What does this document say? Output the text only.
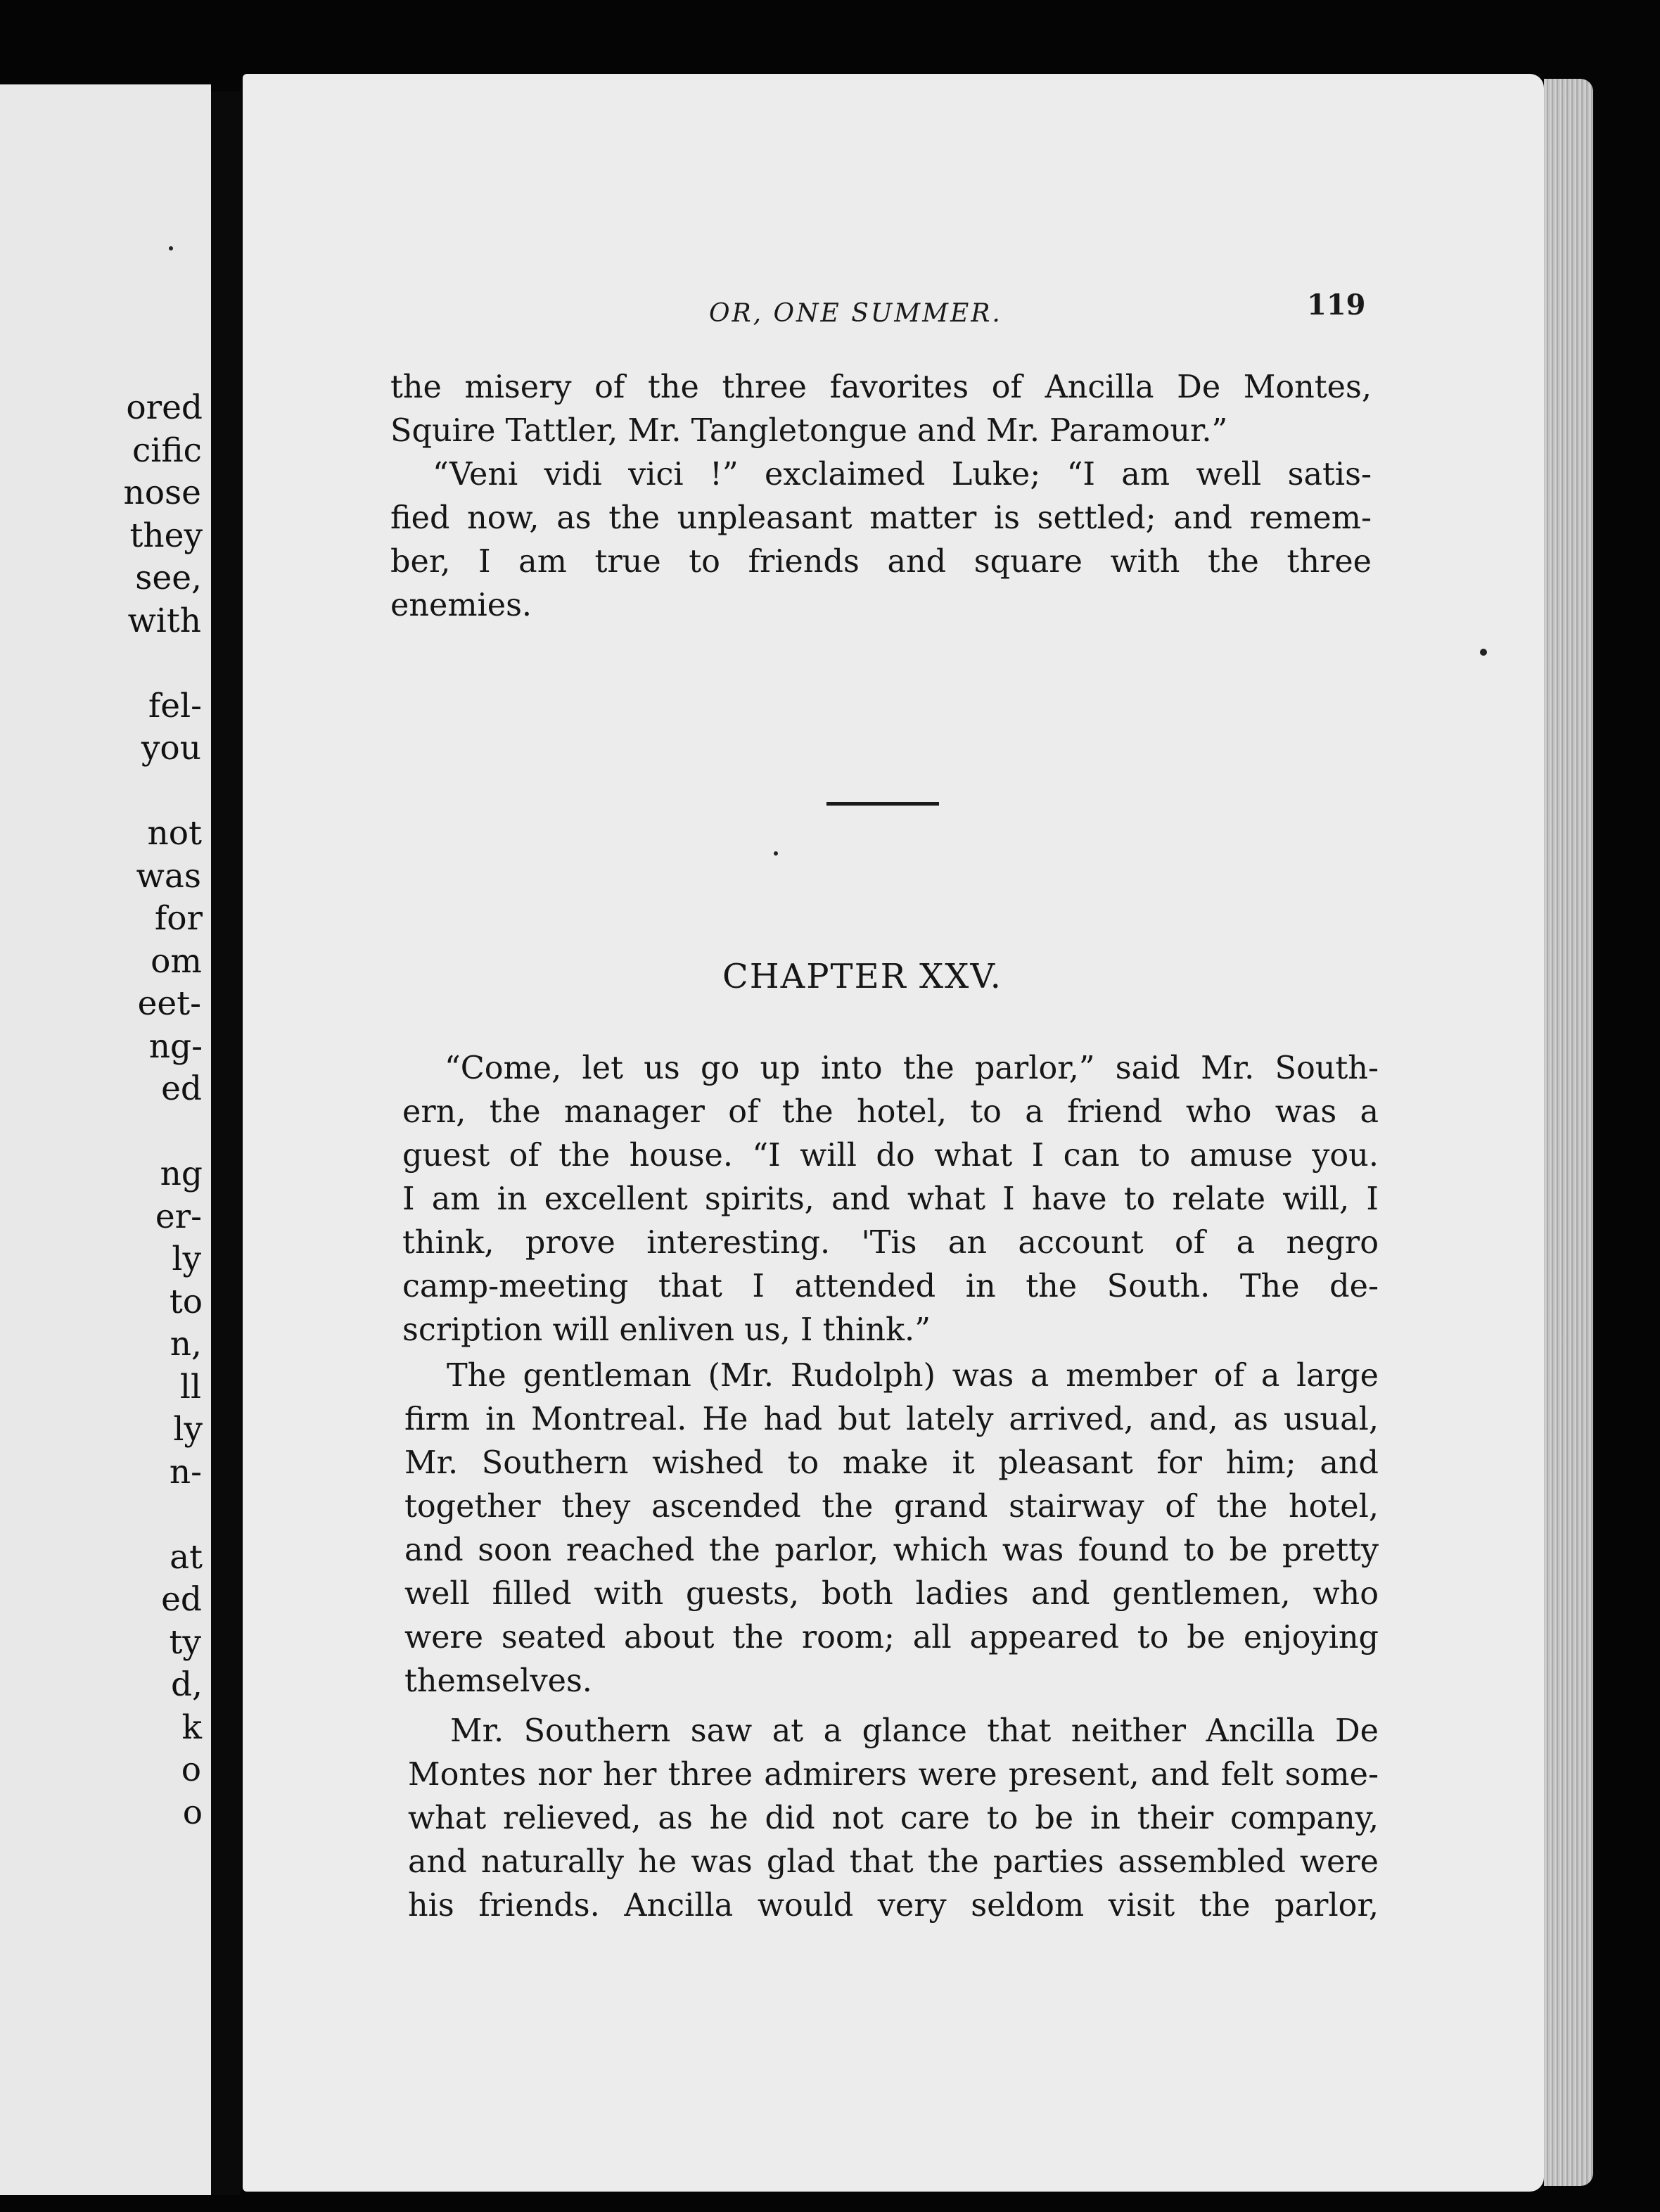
ored
cific
nose
they
see,
with
fel-
you
not
was
for
om
eet-
ng-
ed
ng
er-
ly
to
n,
ll
ly
n-
at
ed
ty
d,
k
o
o
OR, ONE SUMMER.	119
the misery of the three favorites of Ancilla De Montes,
Squire Tattler, Mr. Tangletongue and Mr. Paramour.”
“Veni vidi vici !” exclaimed Luke; “I am well satis-
fied now, as the unpleasant matter is settled; and remem-
ber, I am true to friends and square with the three
enemies.
CHAPTER XXV.
“Come, let us go up into the parlor,” said Mr. South-
ern, the manager of the hotel, to a friend who was a
guest of the house. “I will do what I can to amuse you.
I am in excellent spirits, and what I have to relate will, I
think, prove interesting. 'Tis an account of a negro
camp-meeting that I attended in the South. The de-
scription will enliven us, I think.”
The gentleman (Mr. Rudolph) was a member of a large
firm in Montreal. He had but lately arrived, and, as usual,
Mr. Southern wished to make it pleasant for him; and
together they ascended the grand stairway of the hotel,
and soon reached the parlor, which was found to be pretty
well filled with guests, both ladies and gentlemen, who
were seated about the room; all appeared to be enjoying
themselves.
Mr. Southern saw at a glance that neither Ancilla De
Montes nor her three admirers were present, and felt some-
what relieved, as he did not care to be in their company,
and naturally he was glad that the parties assembled were
his friends. Ancilla would very seldom visit the parlor,
